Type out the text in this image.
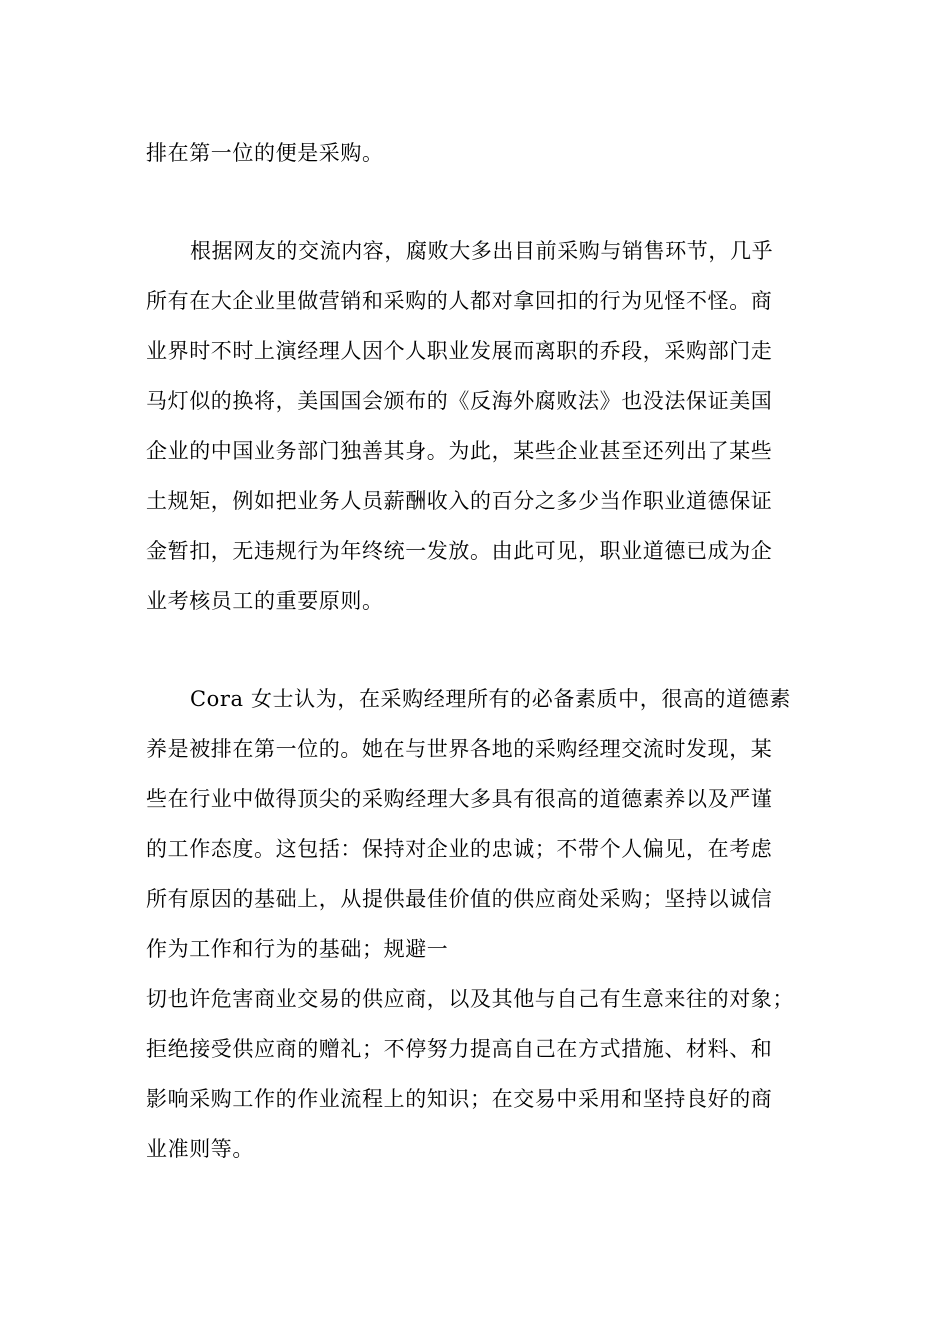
排在第一位的便是采购。
根据网友的交流内容，腐败大多出目前采购与销售环节，几乎
所有在大企业里做营销和采购的人都对拿回扣的行为见怪不怪。商
业界时不时上演经理人因个人职业发展而离职的乔段，采购部门走
马灯似的换将，美国国会颁布的《反海外腐败法》也没法保证美国
企业的中国业务部门独善其身。为此，某些企业甚至还列出了某些
土规矩，例如把业务人员薪酬收入的百分之多少当作职业道德保证
金暂扣，无违规行为年终统一发放。由此可见，职业道德已成为企
业考核员工的重要原则。
Cora 女士认为，在采购经理所有的必备素质中，很高的道德素
养是被排在第一位的。她在与世界各地的采购经理交流时发现，某
些在行业中做得顶尖的采购经理大多具有很高的道德素养以及严谨
的工作态度。这包括：保持对企业的忠诚；不带个人偏见，在考虑
所有原因的基础上，从提供最佳价值的供应商处采购；坚持以诚信
作为工作和行为的基础；规避一
切也许危害商业交易的供应商，以及其他与自己有生意来往的对象；
拒绝接受供应商的赠礼；不停努力提高自己在方式措施、材料、和
影响采购工作的作业流程上的知识；在交易中采用和坚持良好的商
业准则等。
